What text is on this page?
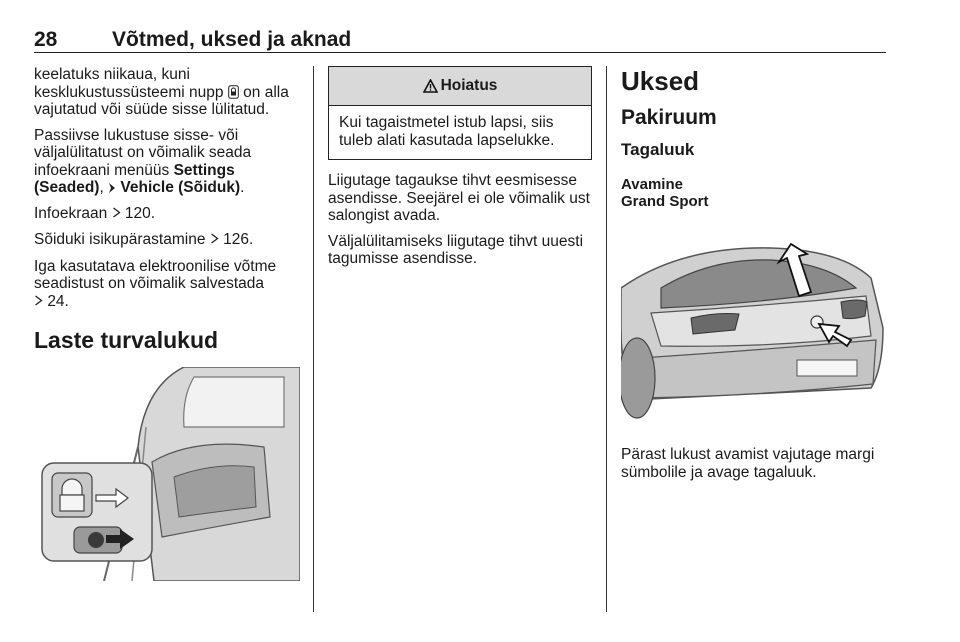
28	Võtmed, uksed ja aknad

keelatuks niikaua, kuni kesklukustussüsteemi nupp on alla vajutatud või süüde sisse lülitatud.

Passiivse lukustuse sisse- või väljalülitatust on võimalik seada infoekraani menüüs Settings (Seaded), Vehicle (Sõiduk).

Infoekraan 120.

Sõiduki isikupärastamine 126.

Iga kasutatava elektroonilise võtme seadistust on võimalik salvestada
24.

Laste turvalukud
Hoiatus
Kui tagaistmetel istub lapsi, siis tuleb alati kasutada lapselukke.

Liigutage tagaukse tihvt eesmisesse asendisse. Seejärel ei ole võimalik ust salongist avada.

Väljalülitamiseks liigutage tihvt uuesti tagumisse asendisse.

Uksed
Pakiruum
Tagaluuk
Avamine
Grand Sport

Pärast lukust avamist vajutage margi sümbolile ja avage tagaluuk.
